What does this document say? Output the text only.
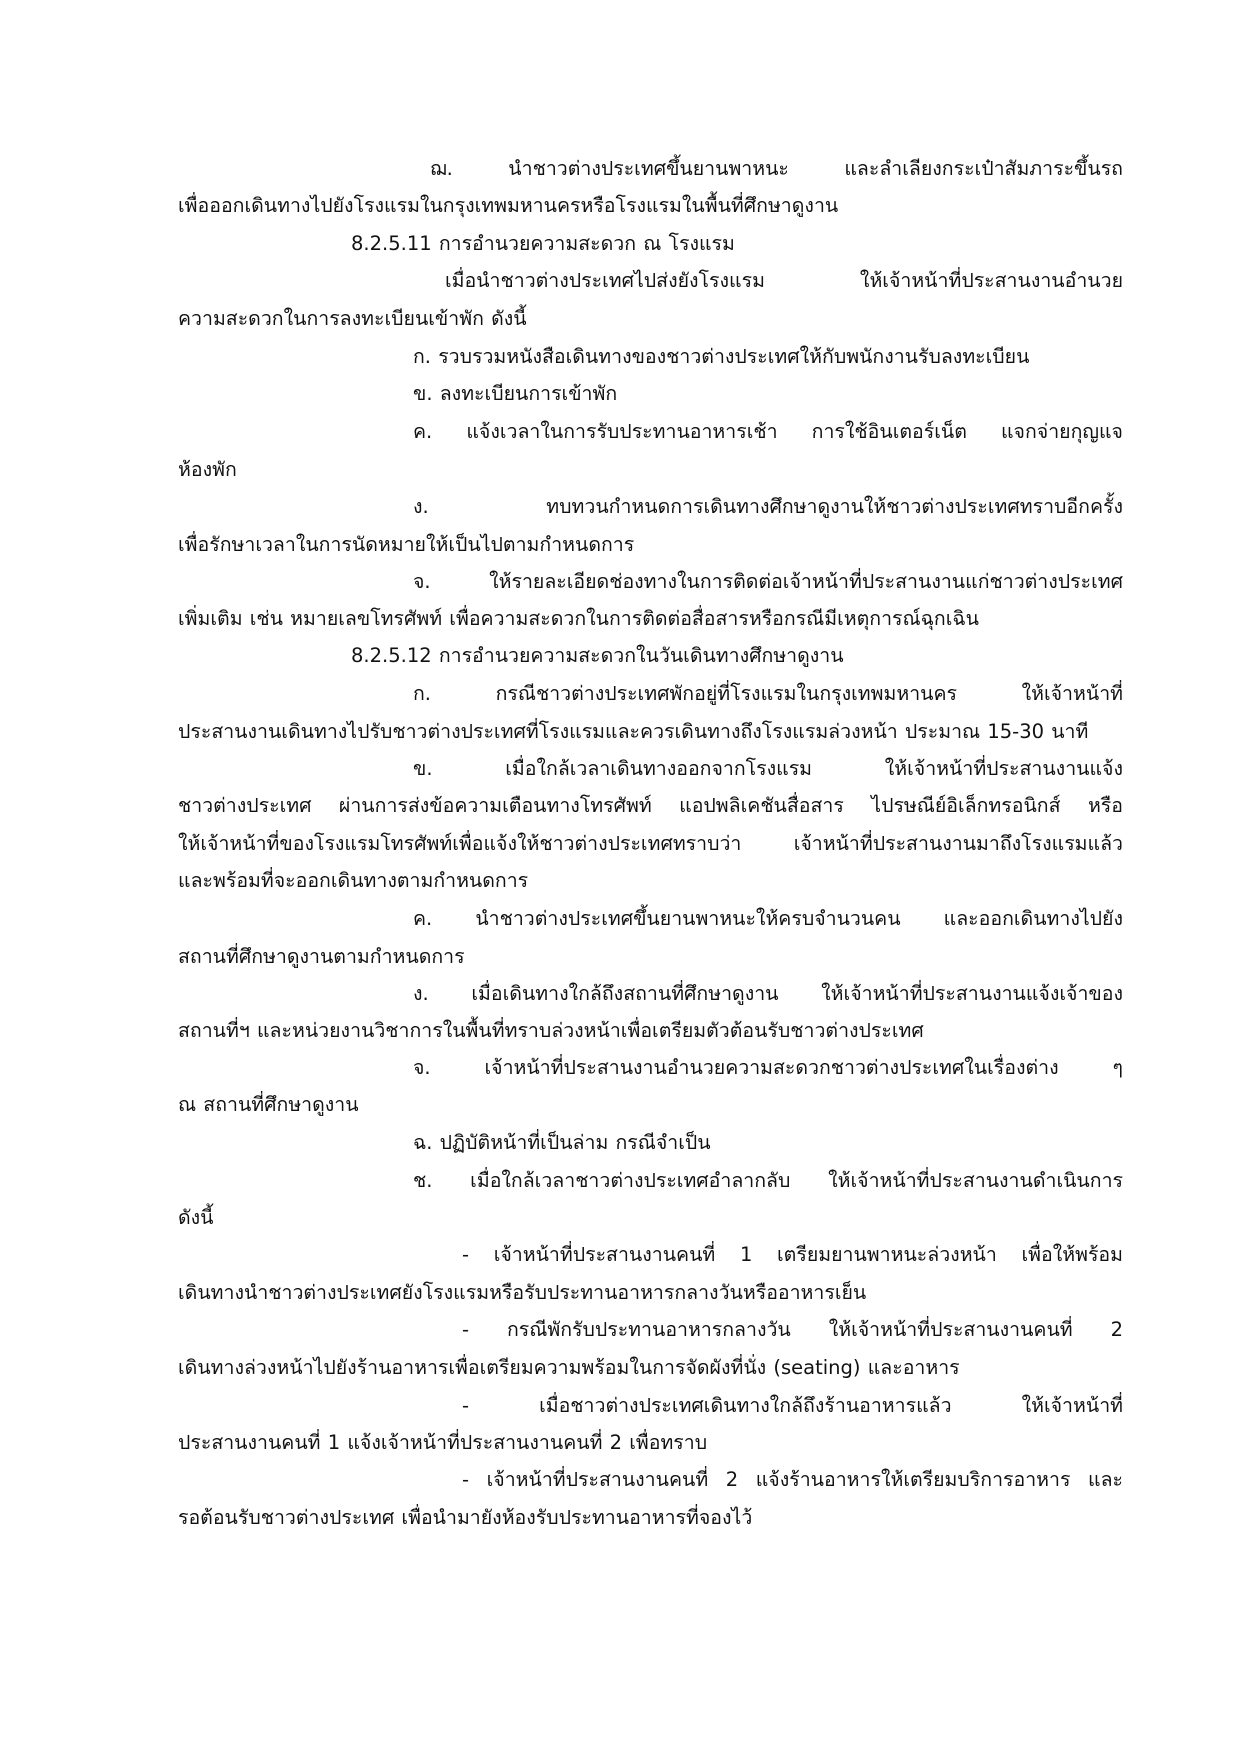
ฌ. นำชาวต่างประเทศขึ้นยานพาหนะ และลำเลียงกระเป๋าสัมภาระขึ้นรถ
เพื่อออกเดินทางไปยังโรงแรมในกรุงเทพมหานครหรือโรงแรมในพื้นที่ศึกษาดูงาน
8.2.5.11 การอำนวยความสะดวก ณ โรงแรม
เมื่อนำชาวต่างประเทศไปส่งยังโรงแรม ให้เจ้าหน้าที่ประสานงานอำนวย
ความสะดวกในการลงทะเบียนเข้าพัก ดังนี้
ก. รวบรวมหนังสือเดินทางของชาวต่างประเทศให้กับพนักงานรับลงทะเบียน
ข. ลงทะเบียนการเข้าพัก
ค. แจ้งเวลาในการรับประทานอาหารเช้า การใช้อินเตอร์เน็ต แจกจ่ายกุญแจ
ห้องพัก
ง. ทบทวนกำหนดการเดินทางศึกษาดูงานให้ชาวต่างประเทศทราบอีกครั้ง
เพื่อรักษาเวลาในการนัดหมายให้เป็นไปตามกำหนดการ
จ. ให้รายละเอียดช่องทางในการติดต่อเจ้าหน้าที่ประสานงานแก่ชาวต่างประเทศ
เพิ่มเติม เช่น หมายเลขโทรศัพท์ เพื่อความสะดวกในการติดต่อสื่อสารหรือกรณีมีเหตุการณ์ฉุกเฉิน
8.2.5.12 การอำนวยความสะดวกในวันเดินทางศึกษาดูงาน
ก. กรณีชาวต่างประเทศพักอยู่ที่โรงแรมในกรุงเทพมหานคร ให้เจ้าหน้าที่
ประสานงานเดินทางไปรับชาวต่างประเทศที่โรงแรมและควรเดินทางถึงโรงแรมล่วงหน้า ประมาณ 15-30 นาที
ข. เมื่อใกล้เวลาเดินทางออกจากโรงแรม ให้เจ้าหน้าที่ประสานงานแจ้ง
ชาวต่างประเทศ ผ่านการส่งข้อความเตือนทางโทรศัพท์ แอปพลิเคชันสื่อสาร ไปรษณีย์อิเล็กทรอนิกส์ หรือ
ให้เจ้าหน้าที่ของโรงแรมโทรศัพท์เพื่อแจ้งให้ชาวต่างประเทศทราบว่า เจ้าหน้าที่ประสานงานมาถึงโรงแรมแล้ว
และพร้อมที่จะออกเดินทางตามกำหนดการ
ค. นำชาวต่างประเทศขึ้นยานพาหนะให้ครบจำนวนคน และออกเดินทางไปยัง
สถานที่ศึกษาดูงานตามกำหนดการ
ง. เมื่อเดินทางใกล้ถึงสถานที่ศึกษาดูงาน ให้เจ้าหน้าที่ประสานงานแจ้งเจ้าของ
สถานที่ฯ และหน่วยงานวิชาการในพื้นที่ทราบล่วงหน้าเพื่อเตรียมตัวต้อนรับชาวต่างประเทศ
จ. เจ้าหน้าที่ประสานงานอำนวยความสะดวกชาวต่างประเทศในเรื่องต่าง ๆ
ณ สถานที่ศึกษาดูงาน
ฉ. ปฏิบัติหน้าที่เป็นล่าม กรณีจำเป็น
ช. เมื่อใกล้เวลาชาวต่างประเทศอำลากลับ ให้เจ้าหน้าที่ประสานงานดำเนินการ
ดังนี้
- เจ้าหน้าที่ประสานงานคนที่ 1 เตรียมยานพาหนะล่วงหน้า เพื่อให้พร้อม
เดินทางนำชาวต่างประเทศยังโรงแรมหรือรับประทานอาหารกลางวันหรืออาหารเย็น
- กรณีพักรับประทานอาหารกลางวัน ให้เจ้าหน้าที่ประสานงานคนที่ 2
เดินทางล่วงหน้าไปยังร้านอาหารเพื่อเตรียมความพร้อมในการจัดผังที่นั่ง (seating) และอาหาร
- เมื่อชาวต่างประเทศเดินทางใกล้ถึงร้านอาหารแล้ว ให้เจ้าหน้าที่
ประสานงานคนที่ 1 แจ้งเจ้าหน้าที่ประสานงานคนที่ 2 เพื่อทราบ
- เจ้าหน้าที่ประสานงานคนที่ 2 แจ้งร้านอาหารให้เตรียมบริการอาหาร และ
รอต้อนรับชาวต่างประเทศ เพื่อนำมายังห้องรับประทานอาหารที่จองไว้
